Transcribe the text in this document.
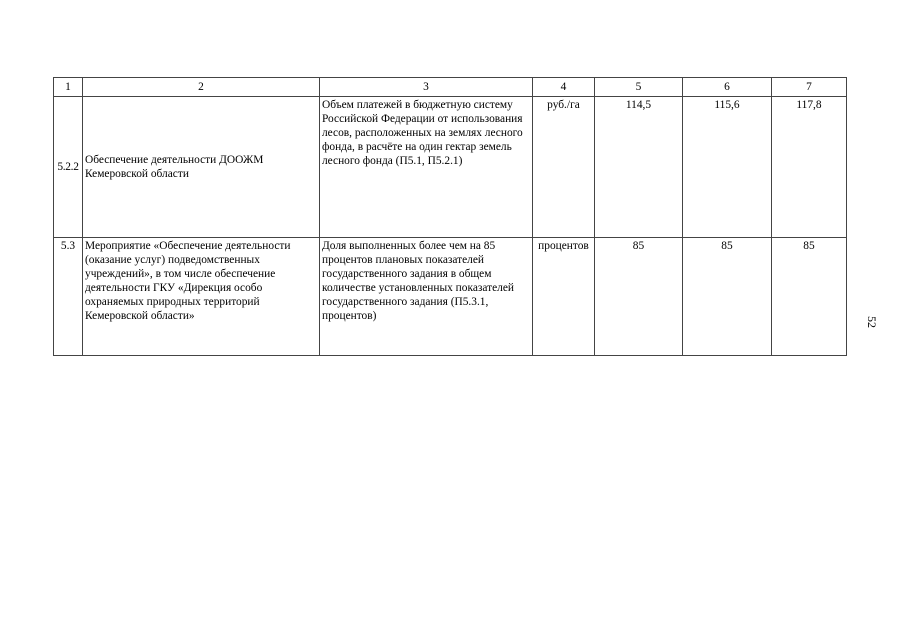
1	2	3	4	5	6	7
5.2.2	Обеспечение деятельности ДООЖМ Кемеровской области	Объем платежей в бюджетную систему Российской Федерации от использования лесов, расположенных на землях лесного фонда, в расчёте на один гектар земель лесного фонда (П5.1, П5.2.1)	руб./га	114,5	115,6	117,8
5.3	Мероприятие «Обеспечение деятельности (оказание услуг) подведомственных учреждений», в том числе обеспечение деятельности ГКУ «Дирекция особо охраняемых природных территорий Кемеровской области»	Доля выполненных более чем на 85 процентов плановых показателей государственного задания в общем количестве установленных показателей государственного задания (П5.3.1, процентов)	процентов	85	85	85
52
